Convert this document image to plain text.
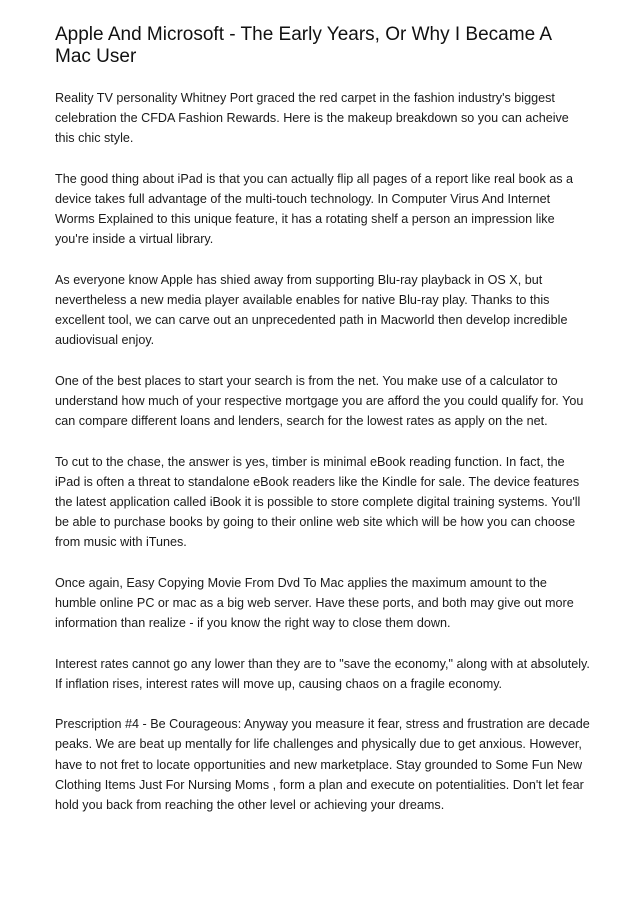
Apple And Microsoft - The Early Years, Or Why I Became A Mac User

Reality TV personality Whitney Port graced the red carpet in the fashion industry's biggest celebration the CFDA Fashion Rewards. Here is the makeup breakdown so you can acheive this chic style.

The good thing about iPad is that you can actually flip all pages of a report like real book as a device takes full advantage of the multi-touch technology. In Computer Virus And Internet Worms Explained to this unique feature, it has a rotating shelf a person an impression like you're inside a virtual library.

As everyone know Apple has shied away from supporting Blu-ray playback in OS X, but nevertheless a new media player available enables for native Blu-ray play. Thanks to this excellent tool, we can carve out an unprecedented path in Macworld then develop incredible audiovisual enjoy.

One of the best places to start your search is from the net. You make use of a calculator to understand how much of your respective mortgage you are afford the you could qualify for. You can compare different loans and lenders, search for the lowest rates as apply on the net.

To cut to the chase, the answer is yes, timber is minimal eBook reading function. In fact, the iPad is often a threat to standalone eBook readers like the Kindle for sale. The device features the latest application called iBook it is possible to store complete digital training systems. You'll be able to purchase books by going to their online web site which will be how you can choose from music with iTunes.

Once again, Easy Copying Movie From Dvd To Mac applies the maximum amount to the humble online PC or mac as a big web server. Have these ports, and both may give out more information than realize - if you know the right way to close them down.

Interest rates cannot go any lower than they are to "save the economy," along with at absolutely. If inflation rises, interest rates will move up, causing chaos on a fragile economy.

Prescription #4 - Be Courageous: Anyway you measure it fear, stress and frustration are decade peaks. We are beat up mentally for life challenges and physically due to get anxious. However, have to not fret to locate opportunities and new marketplace. Stay grounded to Some Fun New Clothing Items Just For Nursing Moms , form a plan and execute on potentialities. Don't let fear hold you back from reaching the other level or achieving your dreams.
